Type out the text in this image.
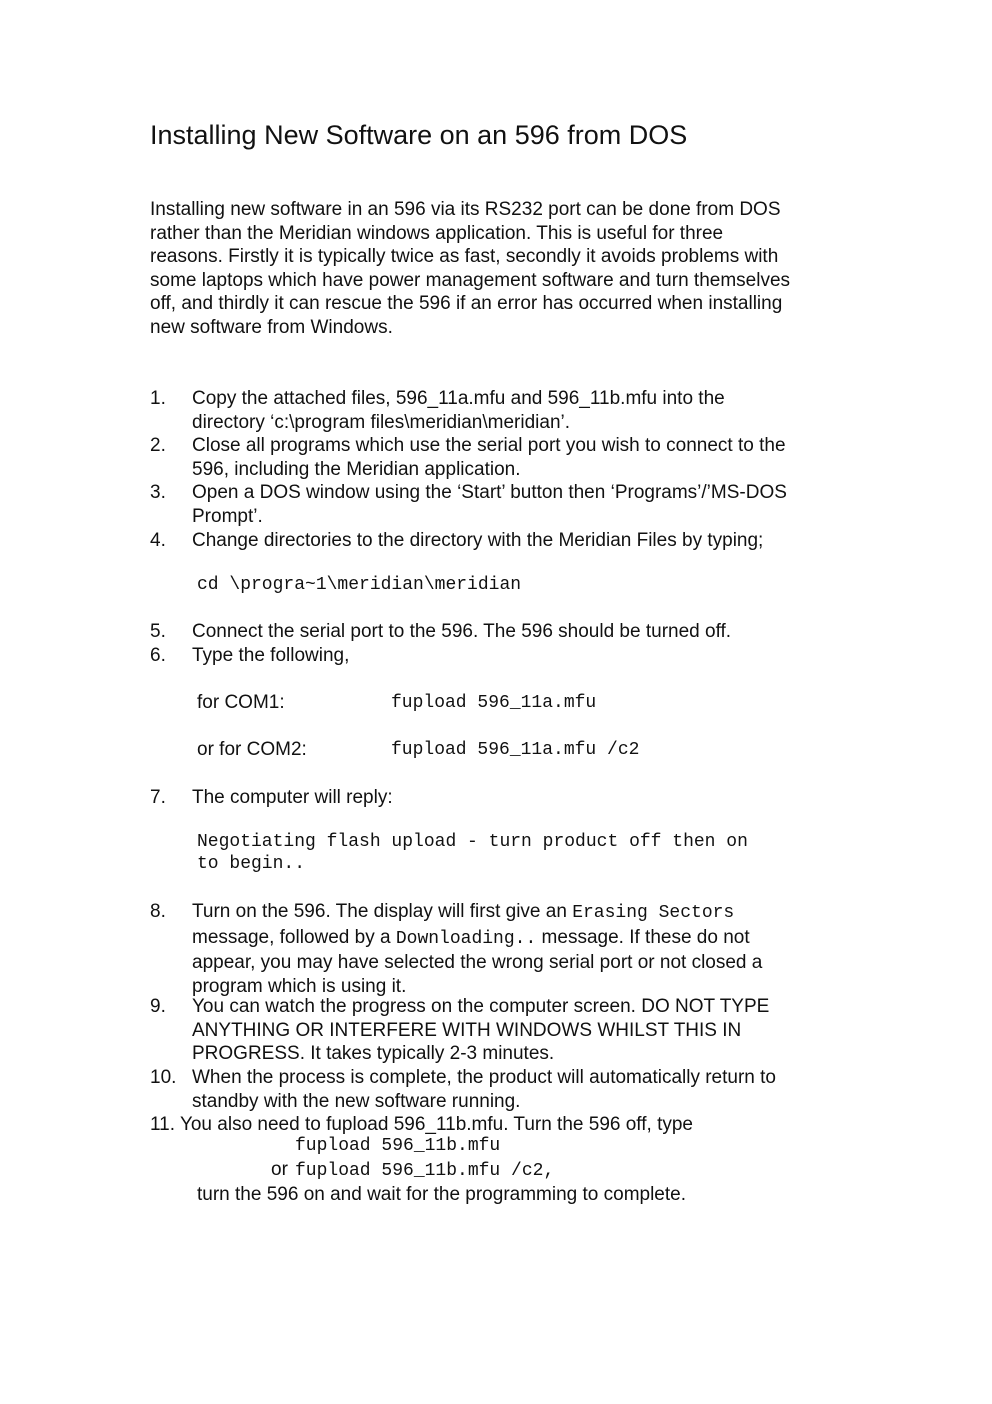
Installing New Software on an 596 from DOS
Installing new software in an 596 via its RS232 port can be done from DOS
rather than the Meridian windows application. This is useful for three
reasons. Firstly it is typically twice as fast, secondly it avoids problems with
some laptops which have power management software and turn themselves
off, and thirdly it can rescue the 596 if an error has occurred when installing
new software from Windows.
1. Copy the attached files, 596_11a.mfu and 596_11b.mfu into the
directory ‘c:\program files\meridian\meridian’.
2. Close all programs which use the serial port you wish to connect to the
596, including the Meridian application.
3. Open a DOS window using the ‘Start’ button then ‘Programs’/’MS-DOS
Prompt’.
4. Change directories to the directory with the Meridian Files by typing;
cd \progra~1\meridian\meridian
5. Connect the serial port to the 596. The 596 should be turned off.
6. Type the following,
for COM1:	fupload 596_11a.mfu
or for COM2:	fupload 596_11a.mfu /c2
7. The computer will reply:
Negotiating flash upload - turn product off then on
to begin..
8. Turn on the 596. The display will first give an Erasing Sectors
message, followed by a Downloading.. message. If these do not
appear, you may have selected the wrong serial port or not closed a
program which is using it.
9. You can watch the progress on the computer screen. DO NOT TYPE
ANYTHING OR INTERFERE WITH WINDOWS WHILST THIS IN
PROGRESS. It takes typically 2-3 minutes.
10. When the process is complete, the product will automatically return to
standby with the new software running.
11. You also need to fupload 596_11b.mfu. Turn the 596 off, type
fupload 596_11b.mfu
or fupload 596_11b.mfu /c2,
turn the 596 on and wait for the programming to complete.
